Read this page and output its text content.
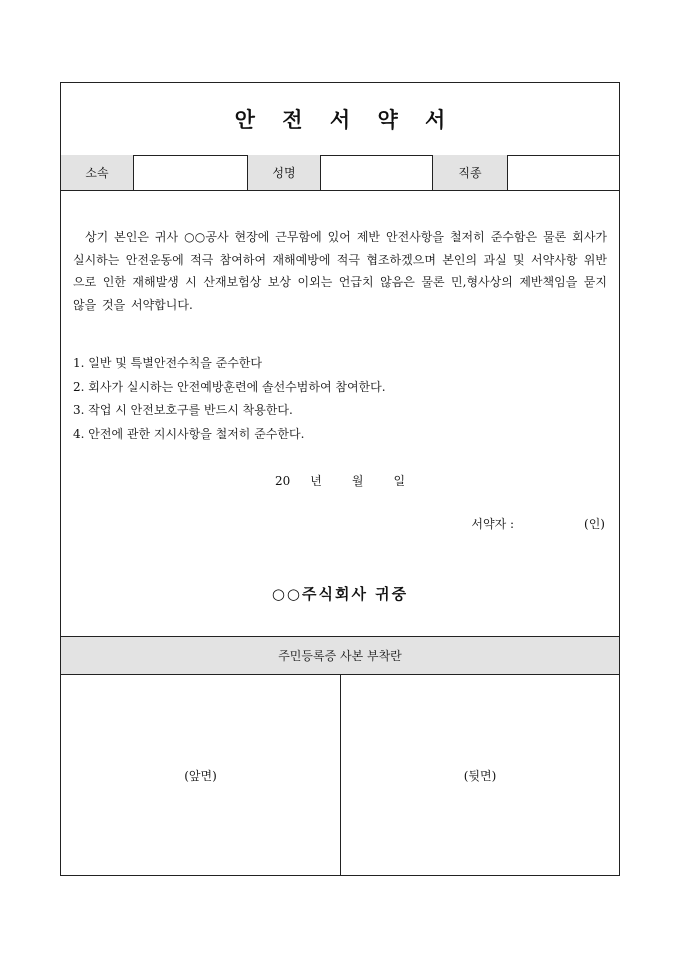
안 전 서 약 서
소속	성명	직종
상기 본인은 귀사 ○○공사 현장에 근무함에 있어 제반 안전사항을 철저히 준수함은 물론 회사가 실시하는 안전운동에 적극 참여하여 재해예방에 적극 협조하겠으며 본인의 과실 및 서약사항 위반으로 인한 재해발생 시 산재보험상 보상 이외는 언급치 않음은 물론 민,형사상의 제반책임을 묻지 않을 것을 서약합니다.
1. 일반 및 특별안전수칙을 준수한다
2. 회사가 실시하는 안전예방훈련에 솔선수범하여 참여한다.
3. 작업 시 안전보호구를 반드시 착용한다.
4. 안전에 관한 지시사항을 철저히 준수한다.
20 년	월	일
서약자 :	(인)
○○주식회사 귀중
주민등록증 사본 부착란
(앞면)	(뒷면)
